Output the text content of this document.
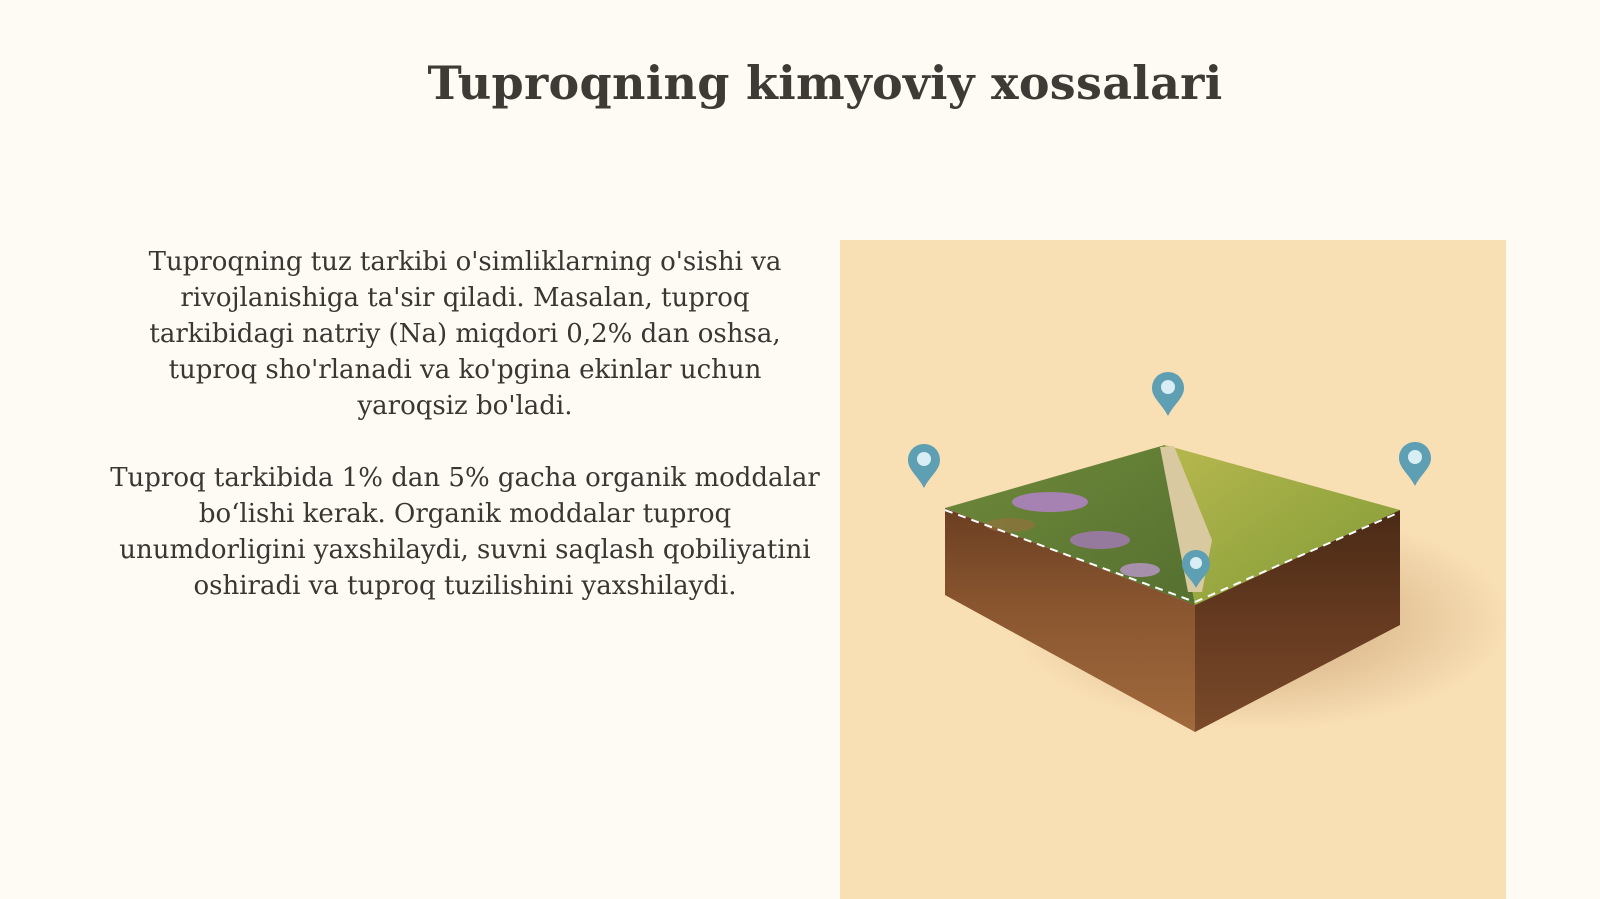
Tuproqning kimyoviy xossalari

Tuproqning tuz tarkibi o'simliklarning o'sishi va rivojlanishiga ta'sir qiladi. Masalan, tuproq tarkibidagi natriy (Na) miqdori 0,2% dan oshsa, tuproq sho'rlanadi va ko'pgina ekinlar uchun yaroqsiz bo'ladi.

Tuproq tarkibida 1% dan 5% gacha organik moddalar bo‘lishi kerak. Organik moddalar tuproq unumdorligini yaxshilaydi, suvni saqlash qobiliyatini oshiradi va tuproq tuzilishini yaxshilaydi.
